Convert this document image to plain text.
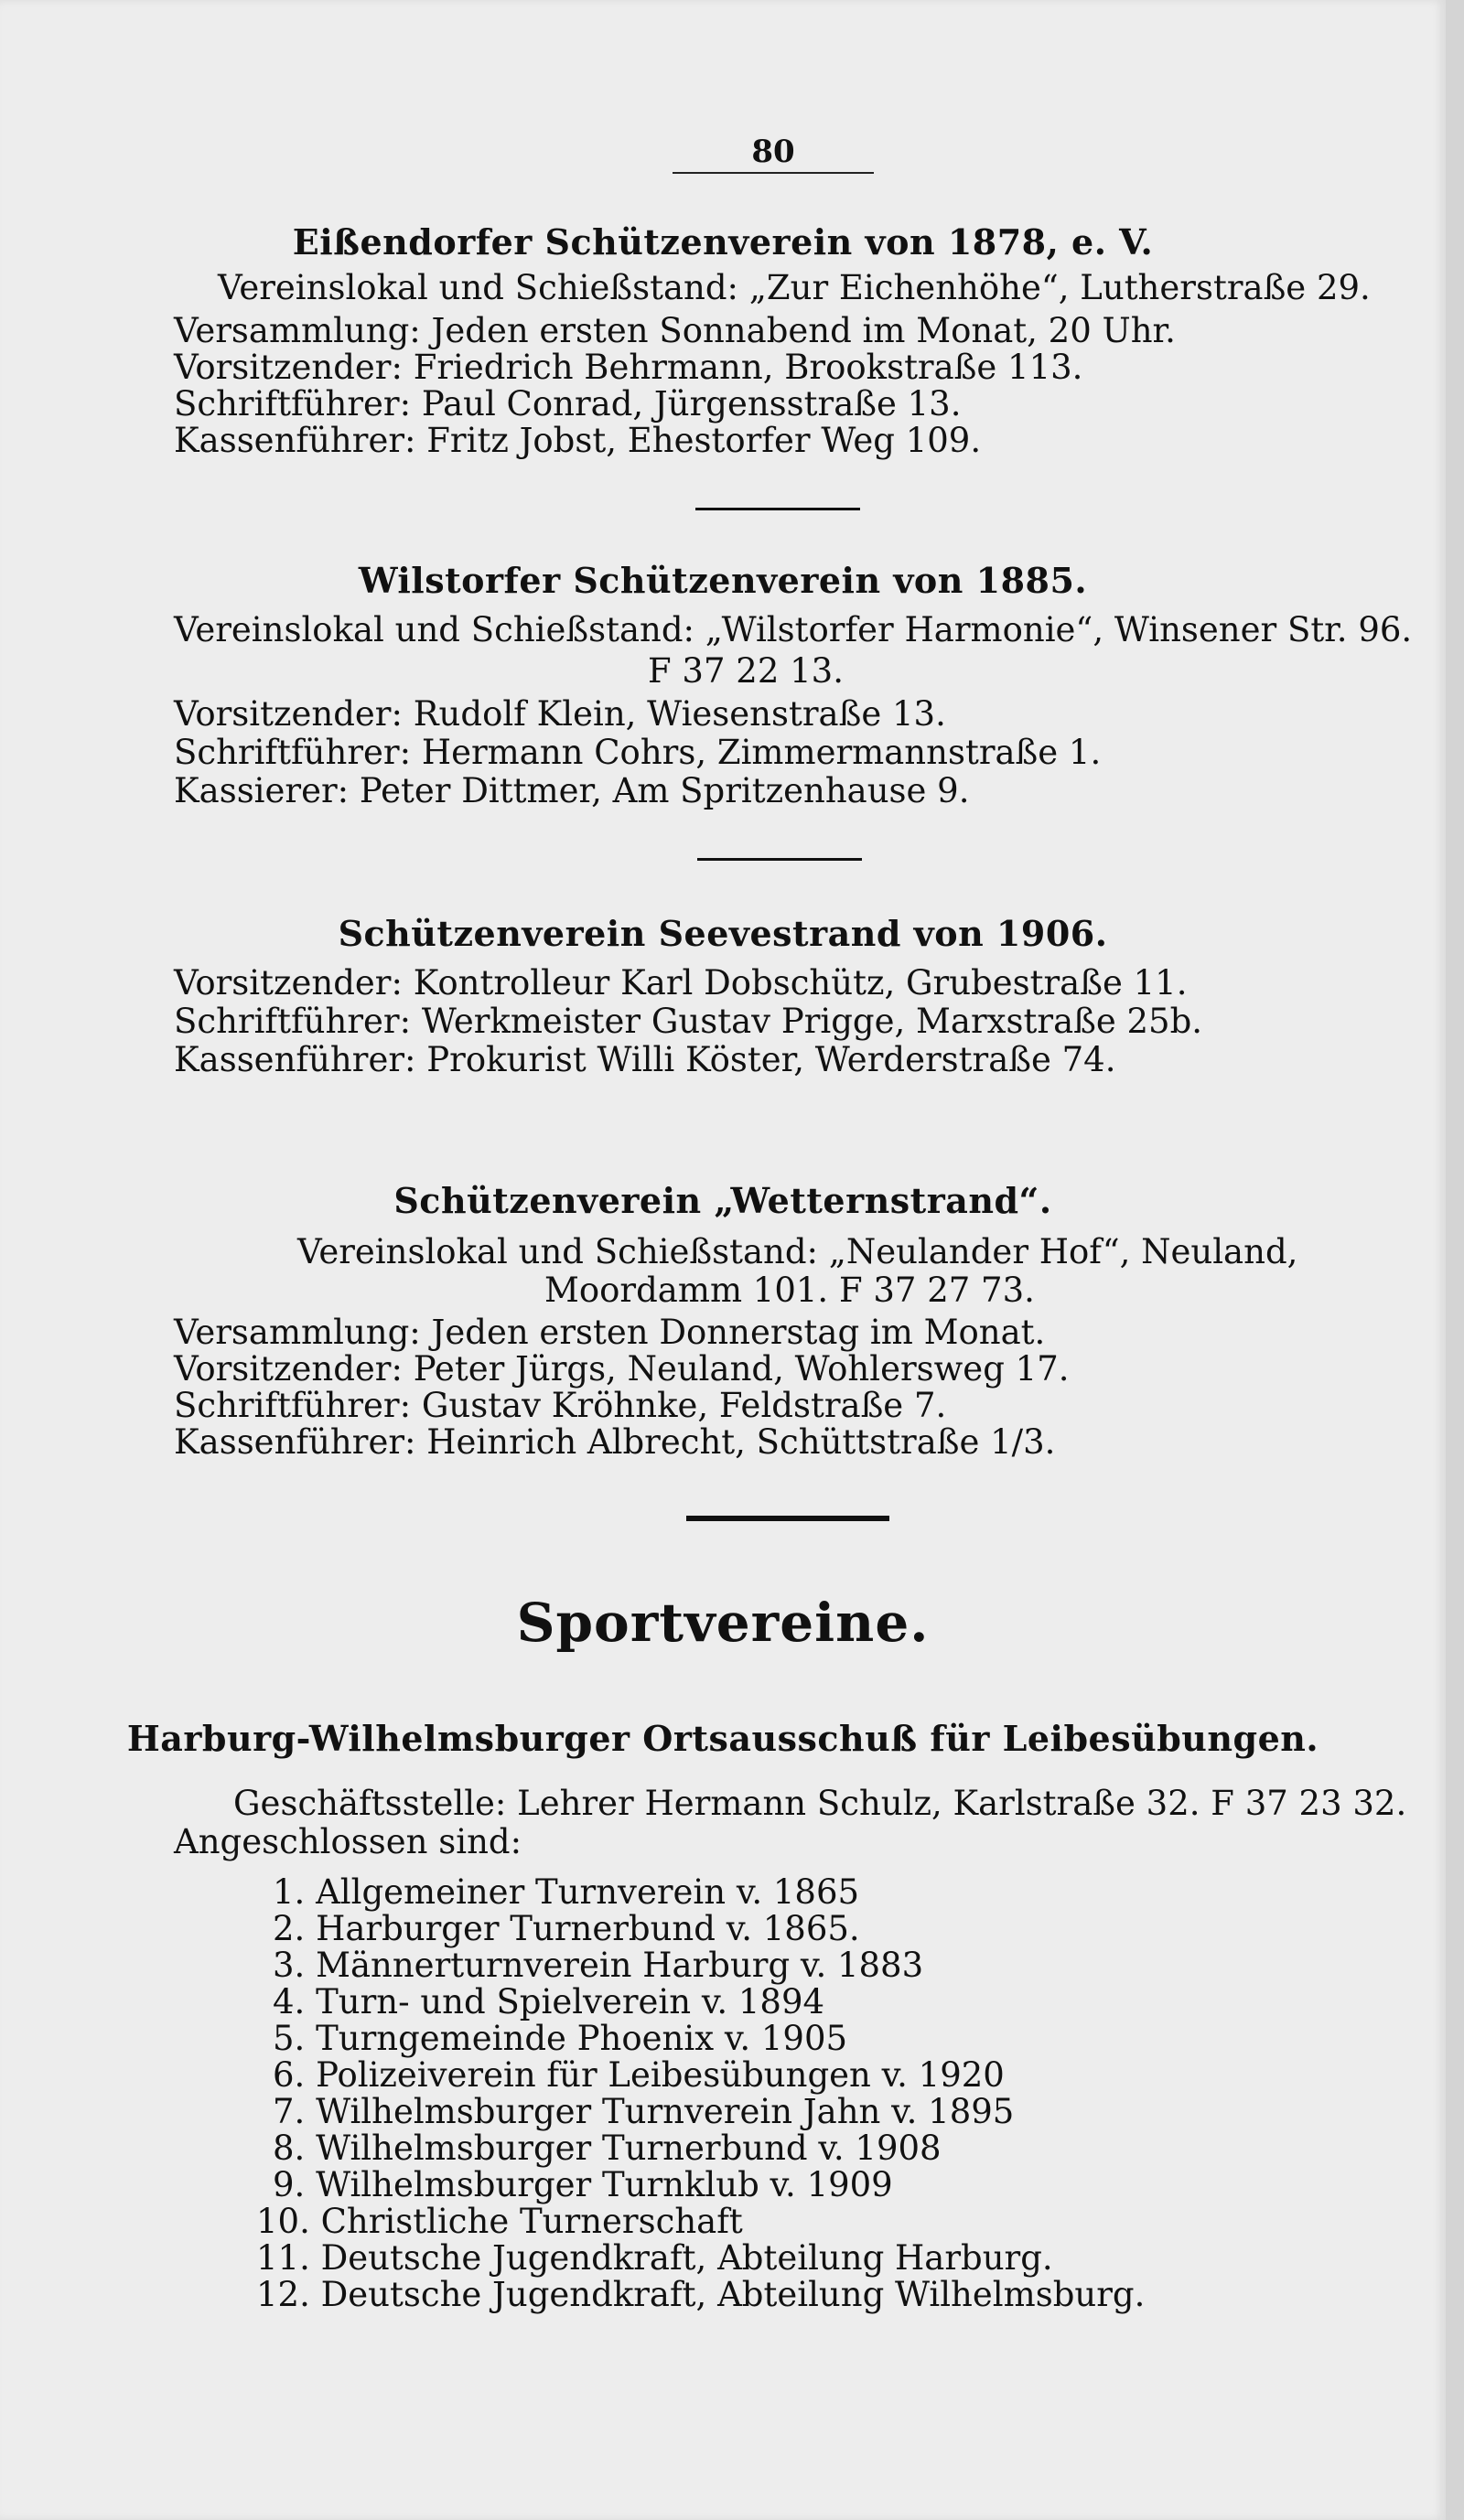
80
Eißendorfer Schützenverein von 1878, e. V.
Vereinslokal und Schießstand: „Zur Eichenhöhe“, Lutherstraße 29.
Versammlung: Jeden ersten Sonnabend im Monat, 20 Uhr.
Vorsitzender: Friedrich Behrmann, Brookstraße 113.
Schriftführer: Paul Conrad, Jürgensstraße 13.
Kassenführer: Fritz Jobst, Ehestorfer Weg 109.
Wilstorfer Schützenverein von 1885.
Vereinslokal und Schießstand: „Wilstorfer Harmonie“, Winsener Str. 96.
F 37 22 13.
Vorsitzender: Rudolf Klein, Wiesenstraße 13.
Schriftführer: Hermann Cohrs, Zimmermannstraße 1.
Kassierer: Peter Dittmer, Am Spritzenhause 9.
Schützenverein Seevestrand von 1906.
Vorsitzender: Kontrolleur Karl Dobschütz, Grubestraße 11.
Schriftführer: Werkmeister Gustav Prigge, Marxstraße 25b.
Kassenführer: Prokurist Willi Köster, Werderstraße 74.
Schützenverein „Wetternstrand“.
Vereinslokal und Schießstand: „Neulander Hof“, Neuland,
Moordamm 101. F 37 27 73.
Versammlung: Jeden ersten Donnerstag im Monat.
Vorsitzender: Peter Jürgs, Neuland, Wohlersweg 17.
Schriftführer: Gustav Kröhnke, Feldstraße 7.
Kassenführer: Heinrich Albrecht, Schüttstraße 1/3.
Sportvereine.
Harburg-Wilhelmsburger Ortsausschuß für Leibesübungen.
Geschäftsstelle: Lehrer Hermann Schulz, Karlstraße 32. F 37 23 32.
Angeschlossen sind:
1. Allgemeiner Turnverein v. 1865
2. Harburger Turnerbund v. 1865.
3. Männerturnverein Harburg v. 1883
4. Turn- und Spielverein v. 1894
5. Turngemeinde Phoenix v. 1905
6. Polizeiverein für Leibesübungen v. 1920
7. Wilhelmsburger Turnverein Jahn v. 1895
8. Wilhelmsburger Turnerbund v. 1908
9. Wilhelmsburger Turnklub v. 1909
10. Christliche Turnerschaft
11. Deutsche Jugendkraft, Abteilung Harburg.
12. Deutsche Jugendkraft, Abteilung Wilhelmsburg.
